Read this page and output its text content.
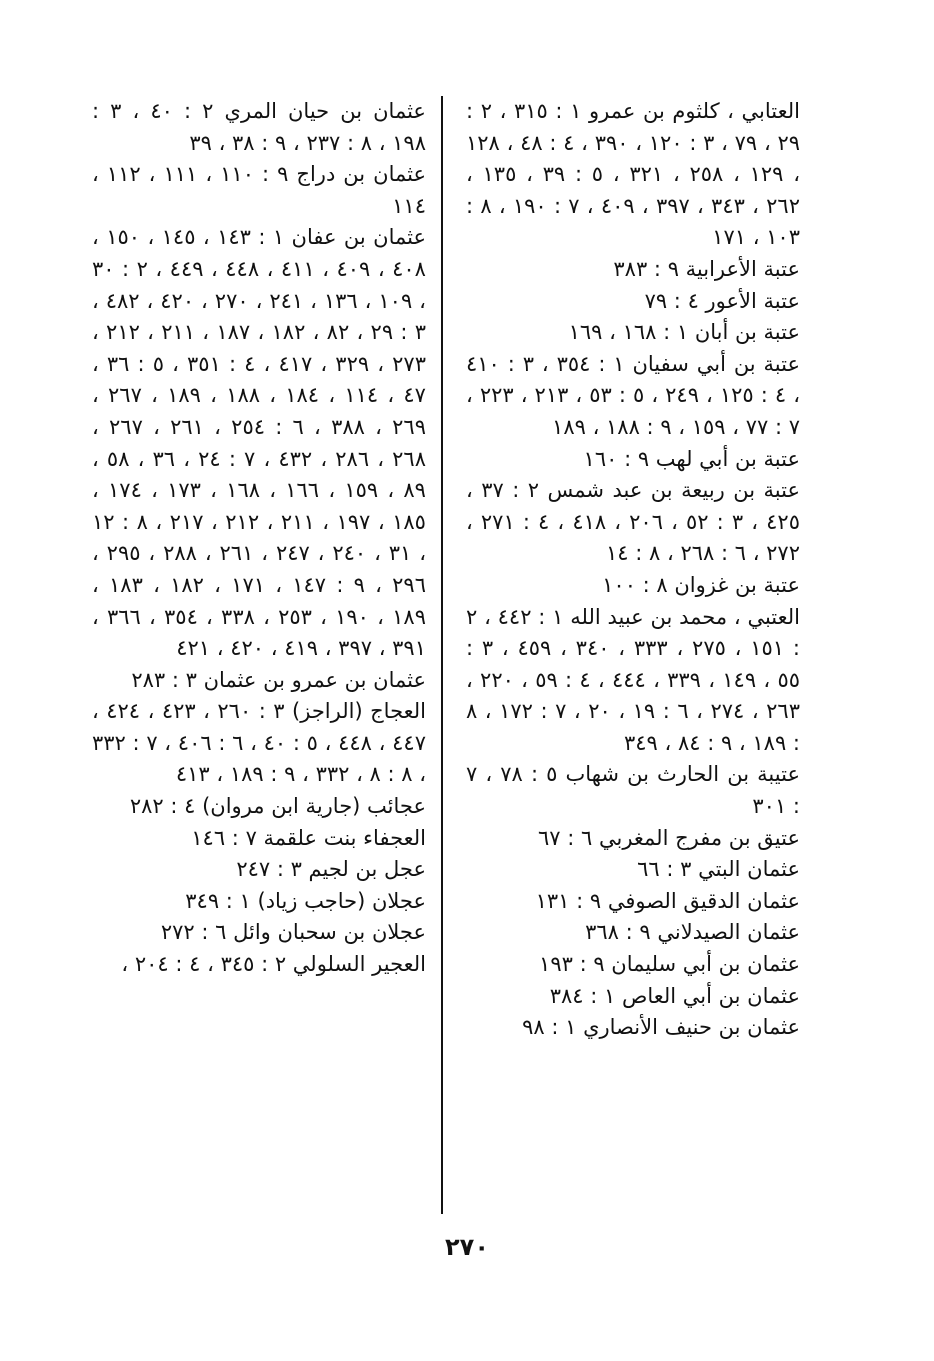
العتابي ، كلثوم بن عمرو ١ : ٣١٥ ، ٢ : ٢٩ ، ٧٩ ، ٣ : ١٢٠ ، ٣٩٠ ، ٤ : ٤٨ ، ١٢٨ ، ١٢٩ ، ٢٥٨ ، ٣٢١ ، ٥ : ٣٩ ، ١٣٥ ، ٢٦٢ ، ٣٤٣ ، ٣٩٧ ، ٤٠٩ ، ٧ : ١٩٠ ، ٨ : ١٠٣ ، ١٧١

عتبة الأعرابية ٩ : ٣٨٣

عتبة الأعور ٤ : ٧٩

عتبة بن أبان ١ : ١٦٨ ، ١٦٩

عتبة بن أبي سفيان ١ : ٣٥٤ ، ٣ : ٤١٠ ، ٤ : ١٢٥ ، ٢٤٩ ، ٥ : ٥٣ ، ٢١٣ ، ٢٢٣ ، ٧ : ٧٧ ، ١٥٩ ، ٩ : ١٨٨ ، ١٨٩

عتبة بن أبي لهب ٩ : ١٦٠

عتبة بن ربيعة بن عبد شمس ٢ : ٣٧ ، ٤٢٥ ، ٣ : ٥٢ ، ٢٠٦ ، ٤١٨ ، ٤ : ٢٧١ ، ٢٧٢ ، ٦ : ٢٦٨ ، ٨ : ١٤

عتبة بن غزوان ٨ : ١٠٠

العتبي ، محمد بن عبيد الله ١ : ٤٤٢ ، ٢ : ١٥١ ، ٢٧٥ ، ٣٣٣ ، ٣٤٠ ، ٤٥٩ ، ٣ : ٥٥ ، ١٤٩ ، ٣٣٩ ، ٤٤٤ ، ٤ : ٥٩ ، ٢٢٠ ، ٢٦٣ ، ٢٧٤ ، ٦ : ١٩ ، ٢٠ ، ٧ : ١٧٢ ، ٨ : ١٨٩ ، ٩ : ٨٤ ، ٣٤٩

عتيبة بن الحارث بن شهاب ٥ : ٧٨ ، ٧ : ٣٠١

عتيق بن مفرج المغربي ٦ : ٦٧

عثمان البتي ٣ : ٦٦

عثمان الدقيق الصوفي ٩ : ١٣١

عثمان الصيدلاني ٩ : ٣٦٨

عثمان بن أبي سليمان ٩ : ١٩٣

عثمان بن أبي العاص ١ : ٣٨٤

عثمان بن حنيف الأنصاري ١ : ٩٨

عثمان بن حيان المري ٢ : ٤٠ ، ٣ : ١٩٨ ، ٨ : ٢٣٧ ، ٩ : ٣٨ ، ٣٩

عثمان بن دراج ٩ : ١١٠ ، ١١١ ، ١١٢ ، ١١٤

عثمان بن عفان ١ : ١٤٣ ، ١٤٥ ، ١٥٠ ، ٤٠٨ ، ٤٠٩ ، ٤١١ ، ٤٤٨ ، ٤٤٩ ، ٢ : ٣٠ ، ١٠٩ ، ١٣٦ ، ٢٤١ ، ٢٧٠ ، ٤٢٠ ، ٤٨٢ ، ٣ : ٢٩ ، ٨٢ ، ١٨٢ ، ١٨٧ ، ٢١١ ، ٢١٢ ، ٢٧٣ ، ٣٢٩ ، ٤١٧ ، ٤ : ٣٥١ ، ٥ : ٣٦ ، ٤٧ ، ١١٤ ، ١٨٤ ، ١٨٨ ، ١٨٩ ، ٢٦٧ ، ٢٦٩ ، ٣٨٨ ، ٦ : ٢٥٤ ، ٢٦١ ، ٢٦٧ ، ٢٦٨ ، ٢٨٦ ، ٤٣٢ ، ٧ : ٢٤ ، ٣٦ ، ٥٨ ، ٨٩ ، ١٥٩ ، ١٦٦ ، ١٦٨ ، ١٧٣ ، ١٧٤ ، ١٨٥ ، ١٩٧ ، ٢١١ ، ٢١٢ ، ٢١٧ ، ٨ : ١٢ ، ٣١ ، ٢٤٠ ، ٢٤٧ ، ٢٦١ ، ٢٨٨ ، ٢٩٥ ، ٢٩٦ ، ٩ : ١٤٧ ، ١٧١ ، ١٨٢ ، ١٨٣ ، ١٨٩ ، ١٩٠ ، ٢٥٣ ، ٣٣٨ ، ٣٥٤ ، ٣٦٦ ، ٣٩١ ، ٣٩٧ ، ٤١٩ ، ٤٢٠ ، ٤٢١

عثمان بن عمرو بن عثمان ٣ : ٢٨٣

العجاج (الراجز) ٣ : ٢٦٠ ، ٤٢٣ ، ٤٢٤ ، ٤٤٧ ، ٤٤٨ ، ٥ : ٤٠ ، ٦ : ٤٠٦ ، ٧ : ٣٣٢ ، ٨ : ٨ ، ٣٣٢ ، ٩ : ١٨٩ ، ٤١٣

عجائب (جارية ابن مروان) ٤ : ٢٨٢

العجفاء بنت علقمة ٧ : ١٤٦

عجل بن لجيم ٣ : ٢٤٧

عجلان (حاجب زياد) ١ : ٣٤٩

عجلان بن سحبان وائل ٦ : ٢٧٢

العجير السلولي ٢ : ٣٤٥ ، ٤ : ٢٠٤ ،

٢٧٠
